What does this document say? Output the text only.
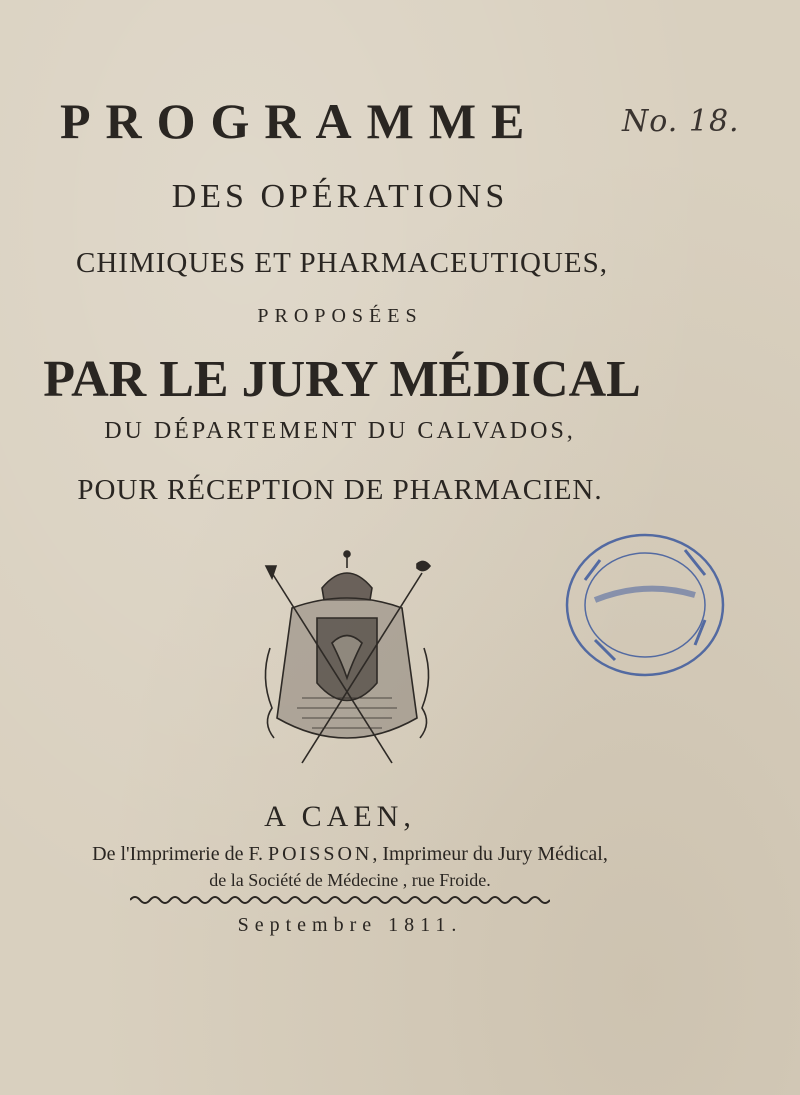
PROGRAMME	No. 18.
DES OPÉRATIONS
CHIMIQUES ET PHARMACEUTIQUES,
PROPOSÉES
PAR LE JURY MÉDICAL
DU DÉPARTEMENT DU CALVADOS,
POUR RÉCEPTION DE PHARMACIEN.
A CAEN,
De l'Imprimerie de F. POISSON, Imprimeur du Jury Médical,
de la Société de Médecine , rue Froide.
Septembre 1811.
